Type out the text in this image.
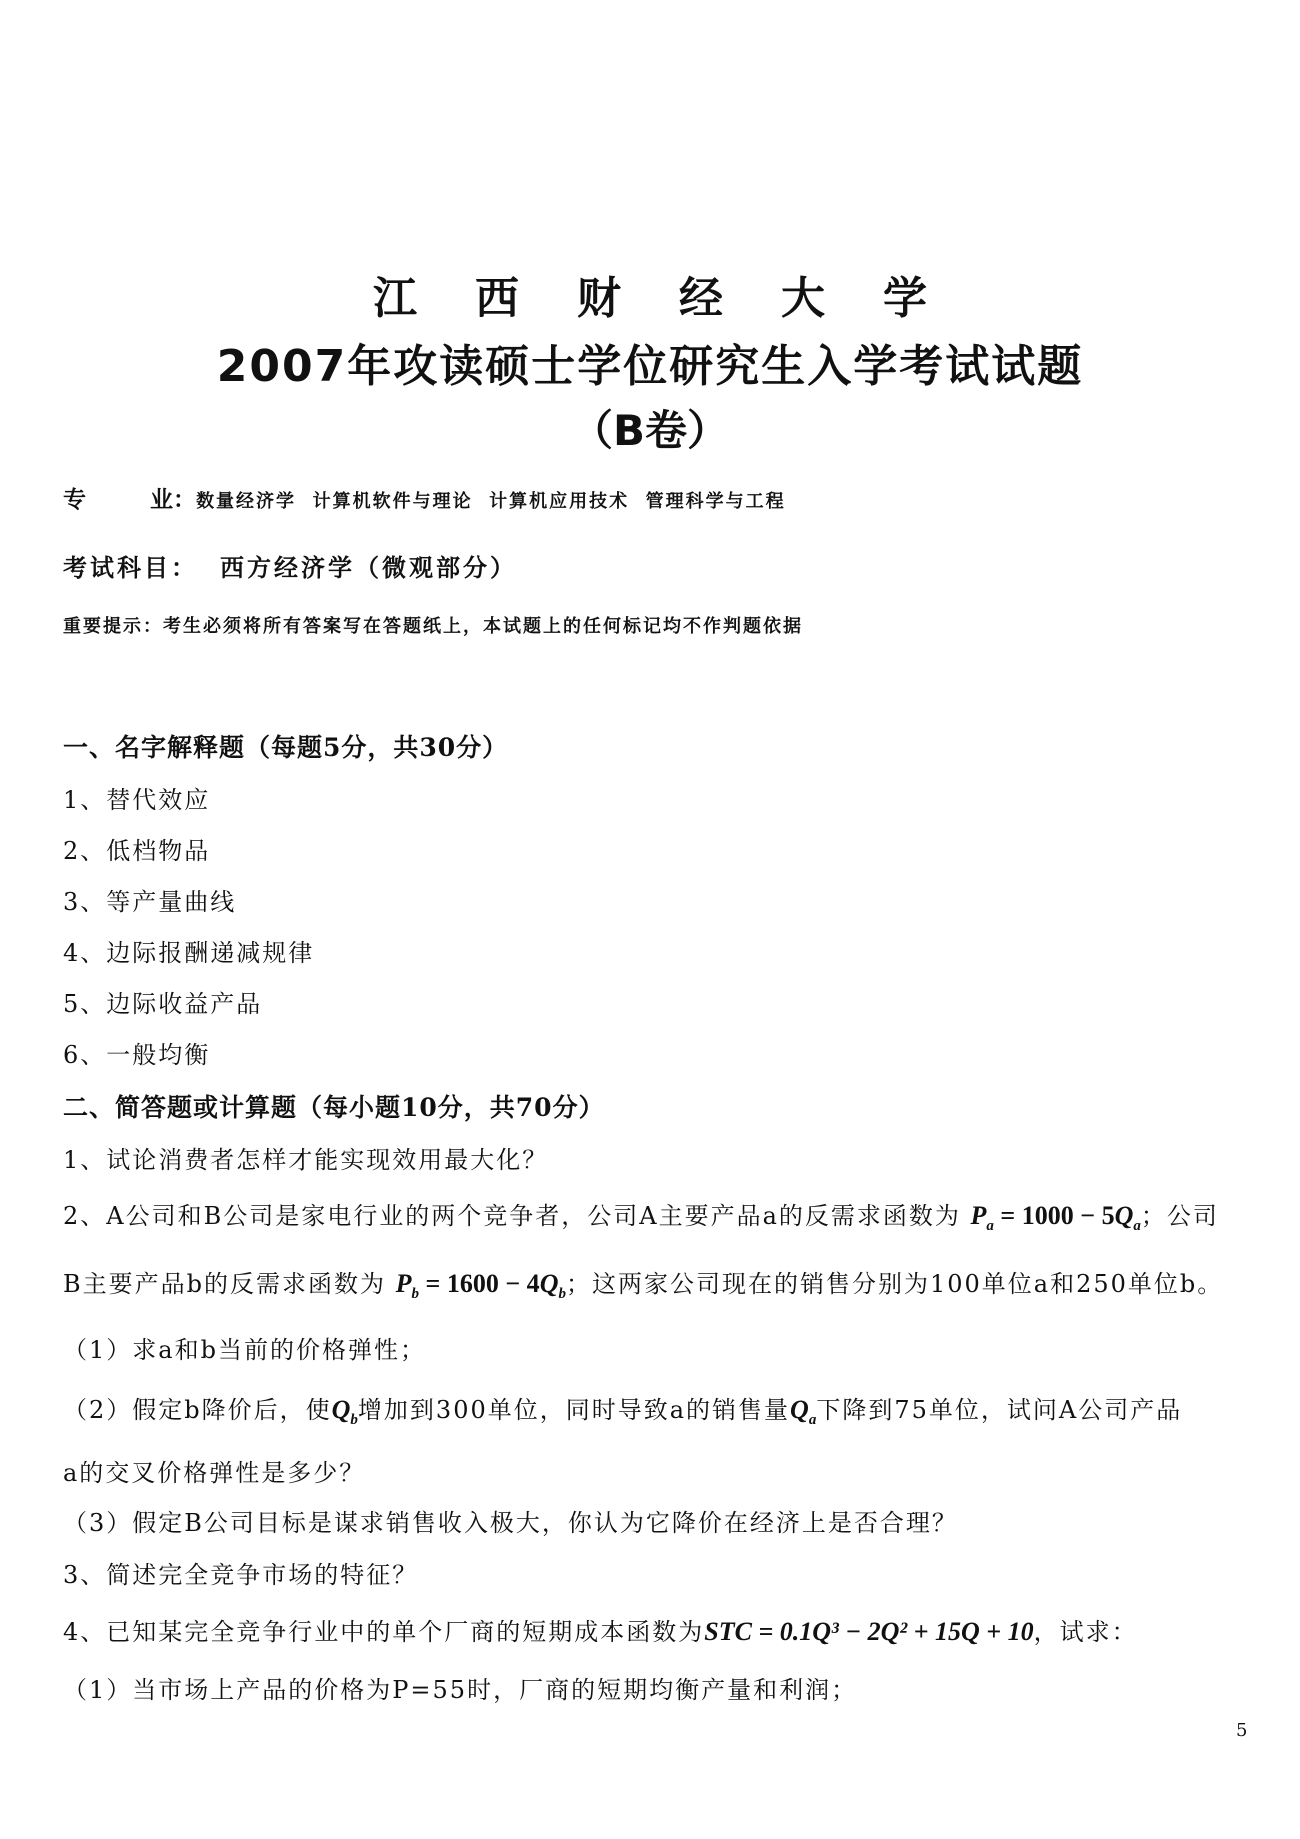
江西财经大学
2007年攻读硕士学位研究生入学考试试题
（B卷）
专        业：数量经济学  计算机软件与理论  计算机应用技术  管理科学与工程
考试科目： 西方经济学（微观部分）
重要提示：考生必须将所有答案写在答题纸上，本试题上的任何标记均不作判题依据
一、名字解释题（每题5分，共30分）
1、替代效应
2、低档物品
3、等产量曲线
4、边际报酬递减规律
5、边际收益产品
6、一般均衡
二、简答题或计算题（每小题10分，共70分）
1、试论消费者怎样才能实现效用最大化？
2、A公司和B公司是家电行业的两个竞争者，公司A主要产品a的反需求函数为 $P_a = 1000 - 5Q_a$；公司
B主要产品b的反需求函数为 $P_b = 1600 - 4Q_b$；这两家公司现在的销售分别为100单位a和250单位b。
（1）求a和b当前的价格弹性；
（2）假定b降价后，使$Q_b$增加到300单位，同时导致a的销售量$Q_a$下降到75单位，试问A公司产品
a的交叉价格弹性是多少？
（3）假定B公司目标是谋求销售收入极大，你认为它降价在经济上是否合理？
3、简述完全竞争市场的特征？
4、已知某完全竞争行业中的单个厂商的短期成本函数为STC = 0.1Q³ − 2Q² + 15Q + 10，试求：
（1）当市场上产品的价格为P=55时，厂商的短期均衡产量和利润；
5
